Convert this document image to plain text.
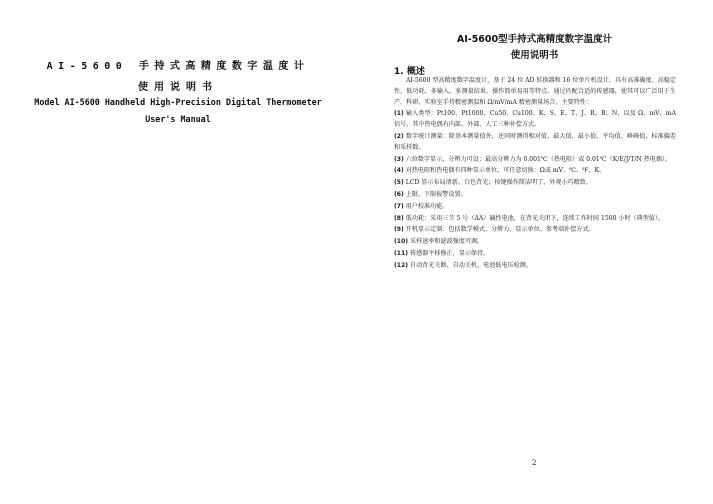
AI-5600 手持式高精度数字温度计
使用说明书
Model AI-5600 Handheld High-Precision Digital Thermometer
User's Manual
AI-5600型手持式高精度数字温度计
使用说明书
1. 概述

AI-5600 型高精度数字温度计，基于 24 位 AD 转换器和 16 位单片机设计，具有高准确度、高稳定性、低功耗、多输入、多测量结果、操作简单易用等特点。通过匹配合适的传感器，使其可以广泛用于生产、科研、实验室手持精密测温和 Ω/mV/mA 精密测量场合。主要特性：

(1) 输入类型：Pt100、Pt1000、Cu50、Cu100、K、S、E、T、J、R、B、N，以及 Ω、mV、mA 信号，其中热电偶有内部、外部、人工三种补偿方式。

(2) 数字统计测量：除基本测量值外，还同时测得相对值、最大值、最小值、平均值、峰峰值、标准偏差和采样数。

(3) 六位数字显示，分辨力可设；最高分辨力为 0.001℃（热电阻）或 0.01℃（K/E/J/T/N 热电偶）。

(4) 对热电阻和热电偶有四种显示单位，可任意切换：Ω或 mV、℃、℉、K。

(5) LCD 显示布局清新、白色背光；按键操作简洁明了、外观小巧精致。

(6) 上限、下限报警设置。

(7) 用户校准功能。

(8) 低功耗：采用三节 5 号（AA）碱性电池，在背光关闭下，连续工作时间 1500 小时（典型值）。

(9) 开机显示定制：包括数学模式、分辨力、显示单位、参考端补偿方式。

(10) 采样速率和滤波强度可调。

(11) 传感器平移修正，显示保持。

(12) 自动背光关断、自动关机、电池低电压检测。

2
